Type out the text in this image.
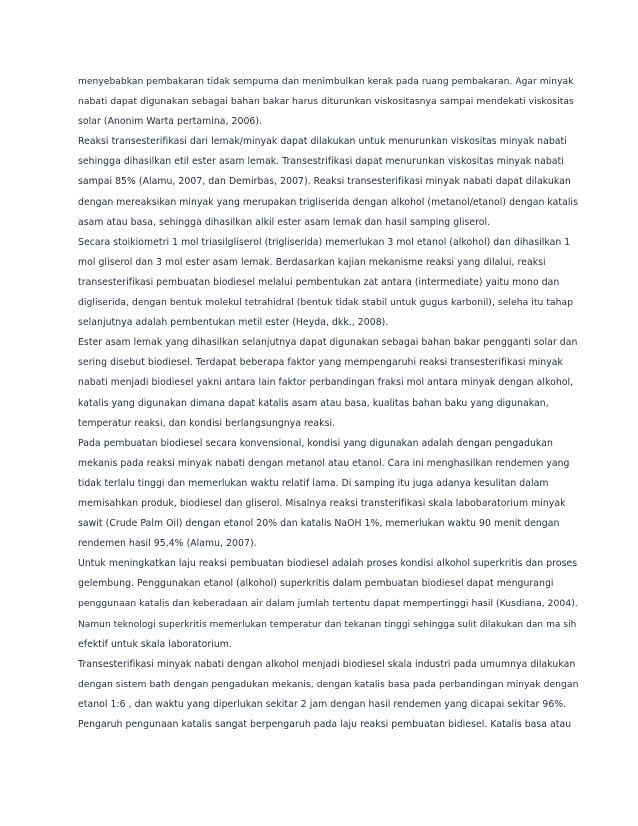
menyebabkan pembakaran tidak sempurna dan menimbulkan kerak pada ruang pembakaran. Agar minyak
nabati dapat digunakan sebagai bahan bakar harus diturunkan viskositasnya sampai mendekati viskositas
solar (Anonim Warta pertamina, 2006).
Reaksi transesterifikasi dari lemak/minyak dapat dilakukan untuk menurunkan viskositas minyak nabati
sehingga dihasilkan etil ester asam lemak. Transestrifikasi dapat menurunkan viskositas minyak nabati
sampai 85% (Alamu, 2007, dan Demirbas, 2007). Reaksi transesterifikasi minyak nabati dapat dilakukan
dengan mereaksikan minyak yang merupakan trigliserida dengan alkohol (metanol/etanol) dengan katalis
asam atau basa, sehingga dihasilkan alkil ester asam lemak dan hasil samping gliserol.
Secara stoikiometri 1 mol triasilgliserol (trigliserida) memerlukan 3 mol etanol (alkohol) dan dihasilkan 1
mol gliserol dan 3 mol ester asam lemak. Berdasarkan kajian mekanisme reaksi yang dilalui, reaksi
transesterifikasi pembuatan biodiesel melalui pembentukan zat antara (intermediate) yaitu mono dan
digliserida, dengan bentuk molekul tetrahidral (bentuk tidak stabil untuk gugus karbonil), seleha itu tahap
selanjutnya adalah pembentukan metil ester (Heyda, dkk., 2008).
Ester asam lemak yang dihasilkan selanjutnya dapat digunakan sebagai bahan bakar pengganti solar dan
sering disebut biodiesel. Terdapat beberapa faktor yang mempengaruhi reaksi transesterifikasi minyak
nabati menjadi biodiesel yakni antara lain faktor perbandingan fraksi mol antara minyak dengan alkohol,
katalis yang digunakan dimana dapat katalis asam atau basa, kualitas bahan baku yang digunakan,
temperatur reaksi, dan kondisi berlangsungnya reaksi.
Pada pembuatan biodiesel secara konvensional, kondisi yang digunakan adalah dengan pengadukan
mekanis pada reaksi minyak nabati dengan metanol atau etanol. Cara ini menghasilkan rendemen yang
tidak terlalu tinggi dan memerlukan waktu relatif lama. Di samping itu juga adanya kesulitan dalam
memisahkan produk, biodiesel dan gliserol. Misalnya reaksi transterifikasi skala labobaratorium minyak
sawit (Crude Palm Oil) dengan etanol 20% dan katalis NaOH 1%, memerlukan waktu 90 menit dengan
rendemen hasil 95,4% (Alamu, 2007).
Untuk meningkatkan laju reaksi pembuatan biodiesel adalah proses kondisi alkohol superkritis dan proses
gelembung. Penggunakan etanol (alkohol) superkritis dalam pembuatan biodiesel dapat mengurangi
penggunaan katalis dan keberadaan air dalam jumlah tertentu dapat mempertinggi hasil (Kusdiana, 2004).
Namun teknologi superkritis memerlukan temperatur dan tekanan tinggi sehingga sulit dilakukan dan ma sih
efektif untuk skala laboratorium.
Transesterifikasi minyak nabati dengan alkohol menjadi biodiesel skala industri pada umumnya dilakukan
dengan sistem bath dengan pengadukan mekanis, dengan katalis basa pada perbandingan minyak dengan
etanol 1:6 , dan waktu yang diperlukan sekitar 2 jam dengan hasil rendemen yang dicapai sekitar 96%.
Pengaruh pengunaan katalis sangat berpengaruh pada laju reaksi pembuatan bidiesel. Katalis basa atau
